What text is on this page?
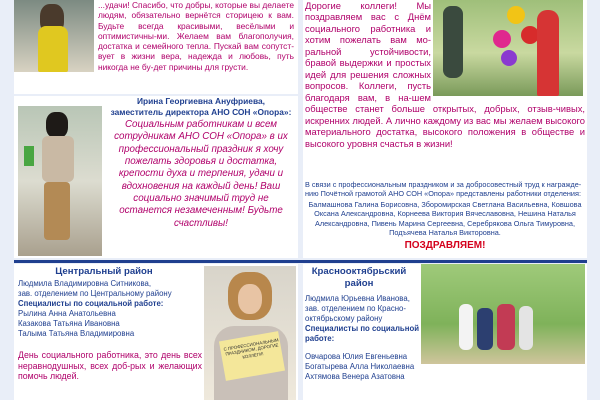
...удачи! Спасибо, что добры, которые вы делаете людям, обязательно вернётся сторицею к вам. Будьте всегда красивыми, весёлыми и оптимистичны-ми. Желаем вам благополучия, достатка и семейного тепла. Пускай вам сопутст-вует в жизни вера, надежда и любовь, путь никогда не бу-дет причины для грусти.
Ирина Георгиевна Ануфриева,
заместитель директора АНО СОН «Опора»:
Социальным работникам и всем сотрудникам АНО СОН «Опора» в их профессиональный праздник я хочу пожелать здоровья и достатка, крепости духа и терпения, удачи и вдохновения на каждый день! Ваш социально значимый труд не останется незамеченным! Будьте счастливы!
Дорогие коллеги! Мы поздравляем вас с Днём социального работника и хотим пожелать вам мо-ральной устойчивости, бравой выдержки и простых идей для решения сложных вопросов. Коллеги, пусть благодаря вам, в на-шем обществе станет больше открытых, добрых, отзыв-чивых, искренних людей. А лично каждому из вас мы желаем высокого материального достатка, высокого положения в обществе и высокого уровня счастья в жизни!
В связи с профессиональным праздником и за добросовестный труд к награжде-нию Почётной грамотой АНО СОН «Опора» представлены работники отделения:
Балмашнова Галина Борисовна, Зборомирская Светлана Васильевна, Ковшова Оксана Александровна, Корнеева Виктория Вячеславовна, Нешина Наталья Александровна, Пивень Марина Сергеевна, Серебрякова Ольга Тимуровна, Подъячева Наталья Викторовна.
ПОЗДРАВЛЯЕМ!
Центральный район
Людмила Владимировна Ситникова,
зав. отделением по Центральному району
Специалисты по социальной работе:
Рылина Анна Анатольевна
Казакова Татьяна Ивановна
Талыма Татьяна Владимировна
День социального работника, это день всех неравнодушных, всех доб-рых и желающих помочь людей.
С ПРОФЕССИОНАЛЬНЫМ ПРАЗДНИКОМ, ДОРОГИЕ КОЛЛЕГИ!
Краснооктябрьский район
Людмила Юрьевна Иванова,
зав. отделением по Красно-октябрьскому району
Специалисты по социальной работе:
Овчарова Юлия Евгеньевна
Богатырева Алла Николаевна
Ахтямова Венера Азатовна
